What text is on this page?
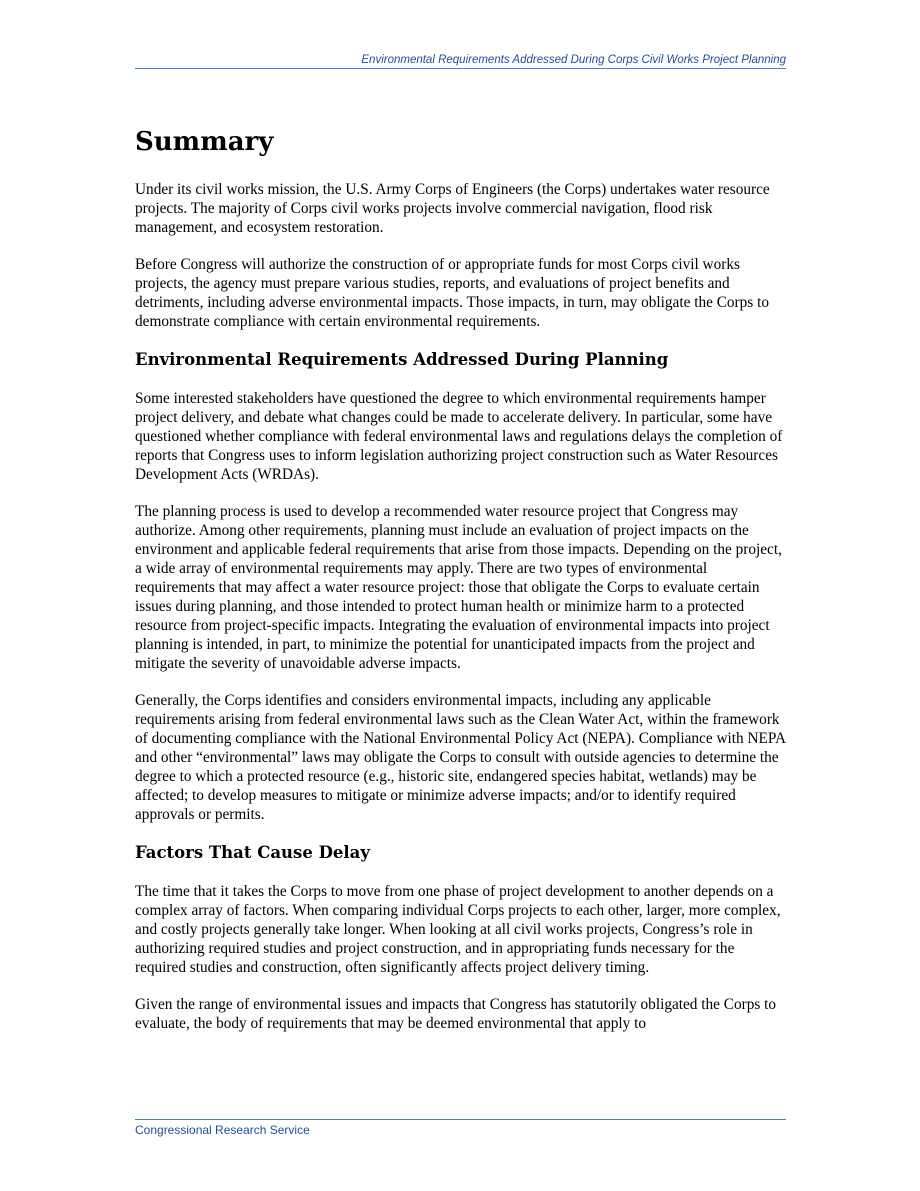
Environmental Requirements Addressed During Corps Civil Works Project Planning
Summary

Under its civil works mission, the U.S. Army Corps of Engineers (the Corps) undertakes water resource projects. The majority of Corps civil works projects involve commercial navigation, flood risk management, and ecosystem restoration.

Before Congress will authorize the construction of or appropriate funds for most Corps civil works projects, the agency must prepare various studies, reports, and evaluations of project benefits and detriments, including adverse environmental impacts. Those impacts, in turn, may obligate the Corps to demonstrate compliance with certain environmental requirements.

Environmental Requirements Addressed During Planning

Some interested stakeholders have questioned the degree to which environmental requirements hamper project delivery, and debate what changes could be made to accelerate delivery. In particular, some have questioned whether compliance with federal environmental laws and regulations delays the completion of reports that Congress uses to inform legislation authorizing project construction such as Water Resources Development Acts (WRDAs).

The planning process is used to develop a recommended water resource project that Congress may authorize. Among other requirements, planning must include an evaluation of project impacts on the environment and applicable federal requirements that arise from those impacts. Depending on the project, a wide array of environmental requirements may apply. There are two types of environmental requirements that may affect a water resource project: those that obligate the Corps to evaluate certain issues during planning, and those intended to protect human health or minimize harm to a protected resource from project-specific impacts. Integrating the evaluation of environmental impacts into project planning is intended, in part, to minimize the potential for unanticipated impacts from the project and mitigate the severity of unavoidable adverse impacts.

Generally, the Corps identifies and considers environmental impacts, including any applicable requirements arising from federal environmental laws such as the Clean Water Act, within the framework of documenting compliance with the National Environmental Policy Act (NEPA). Compliance with NEPA and other “environmental” laws may obligate the Corps to consult with outside agencies to determine the degree to which a protected resource (e.g., historic site, endangered species habitat, wetlands) may be affected; to develop measures to mitigate or minimize adverse impacts; and/or to identify required approvals or permits.

Factors That Cause Delay

The time that it takes the Corps to move from one phase of project development to another depends on a complex array of factors. When comparing individual Corps projects to each other, larger, more complex, and costly projects generally take longer. When looking at all civil works projects, Congress’s role in authorizing required studies and project construction, and in appropriating funds necessary for the required studies and construction, often significantly affects project delivery timing.

Given the range of environmental issues and impacts that Congress has statutorily obligated the Corps to evaluate, the body of requirements that may be deemed environmental that apply to

Congressional Research Service
